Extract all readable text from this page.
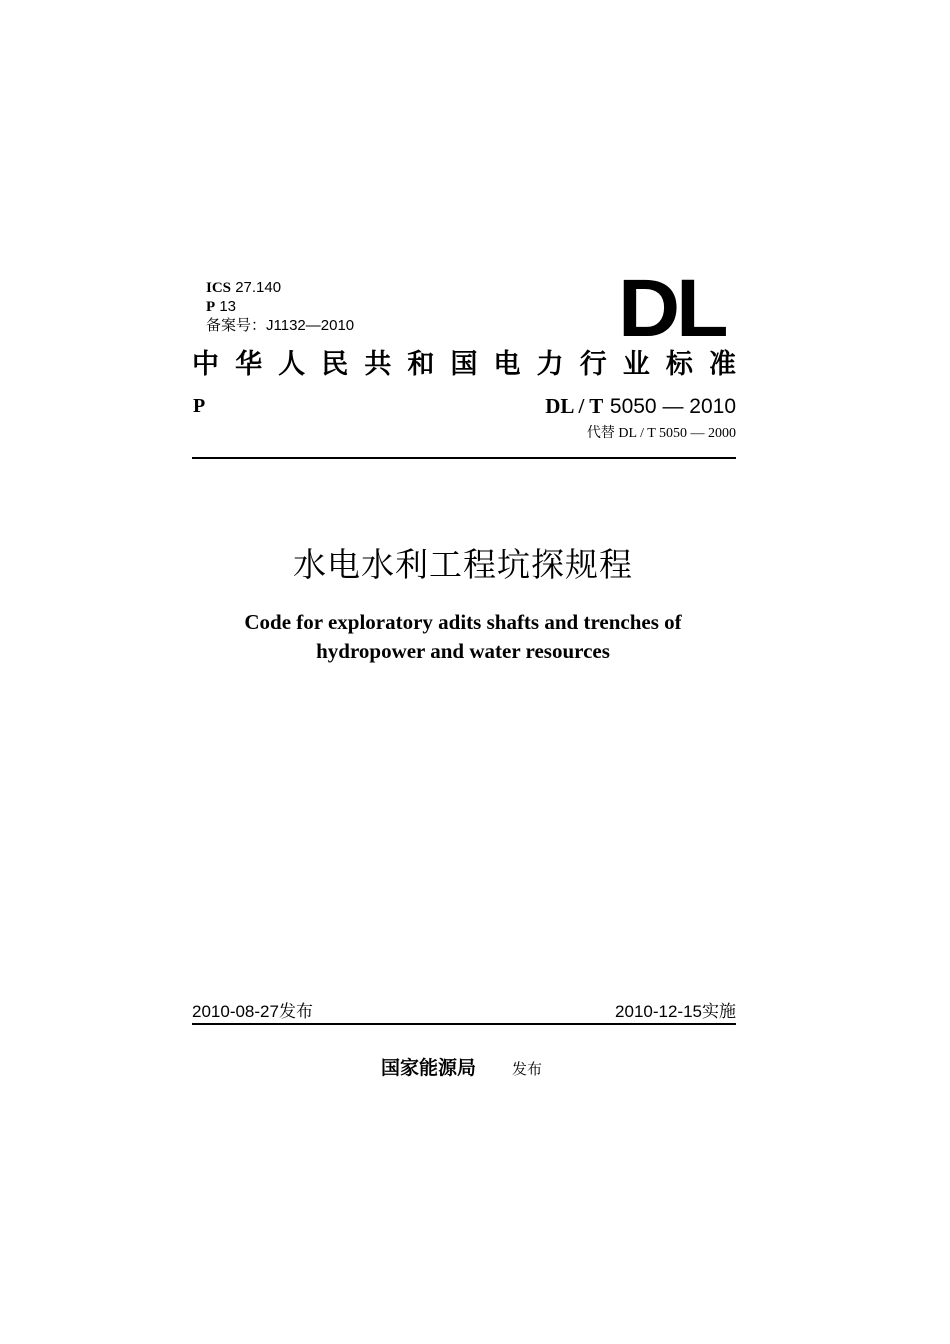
ICS 27.140
P 13
备案号：J1132—2010	DL
中 华 人 民 共 和 国 电 力 行 业 标 准
P	DL / T 5050 — 2010
代替 DL / T 5050 — 2000
水电水利工程坑探规程
Code for exploratory adits shafts and trenches of
hydropower and water resources
2010-08-27发布	2010-12-15实施
国家能源局 发布
